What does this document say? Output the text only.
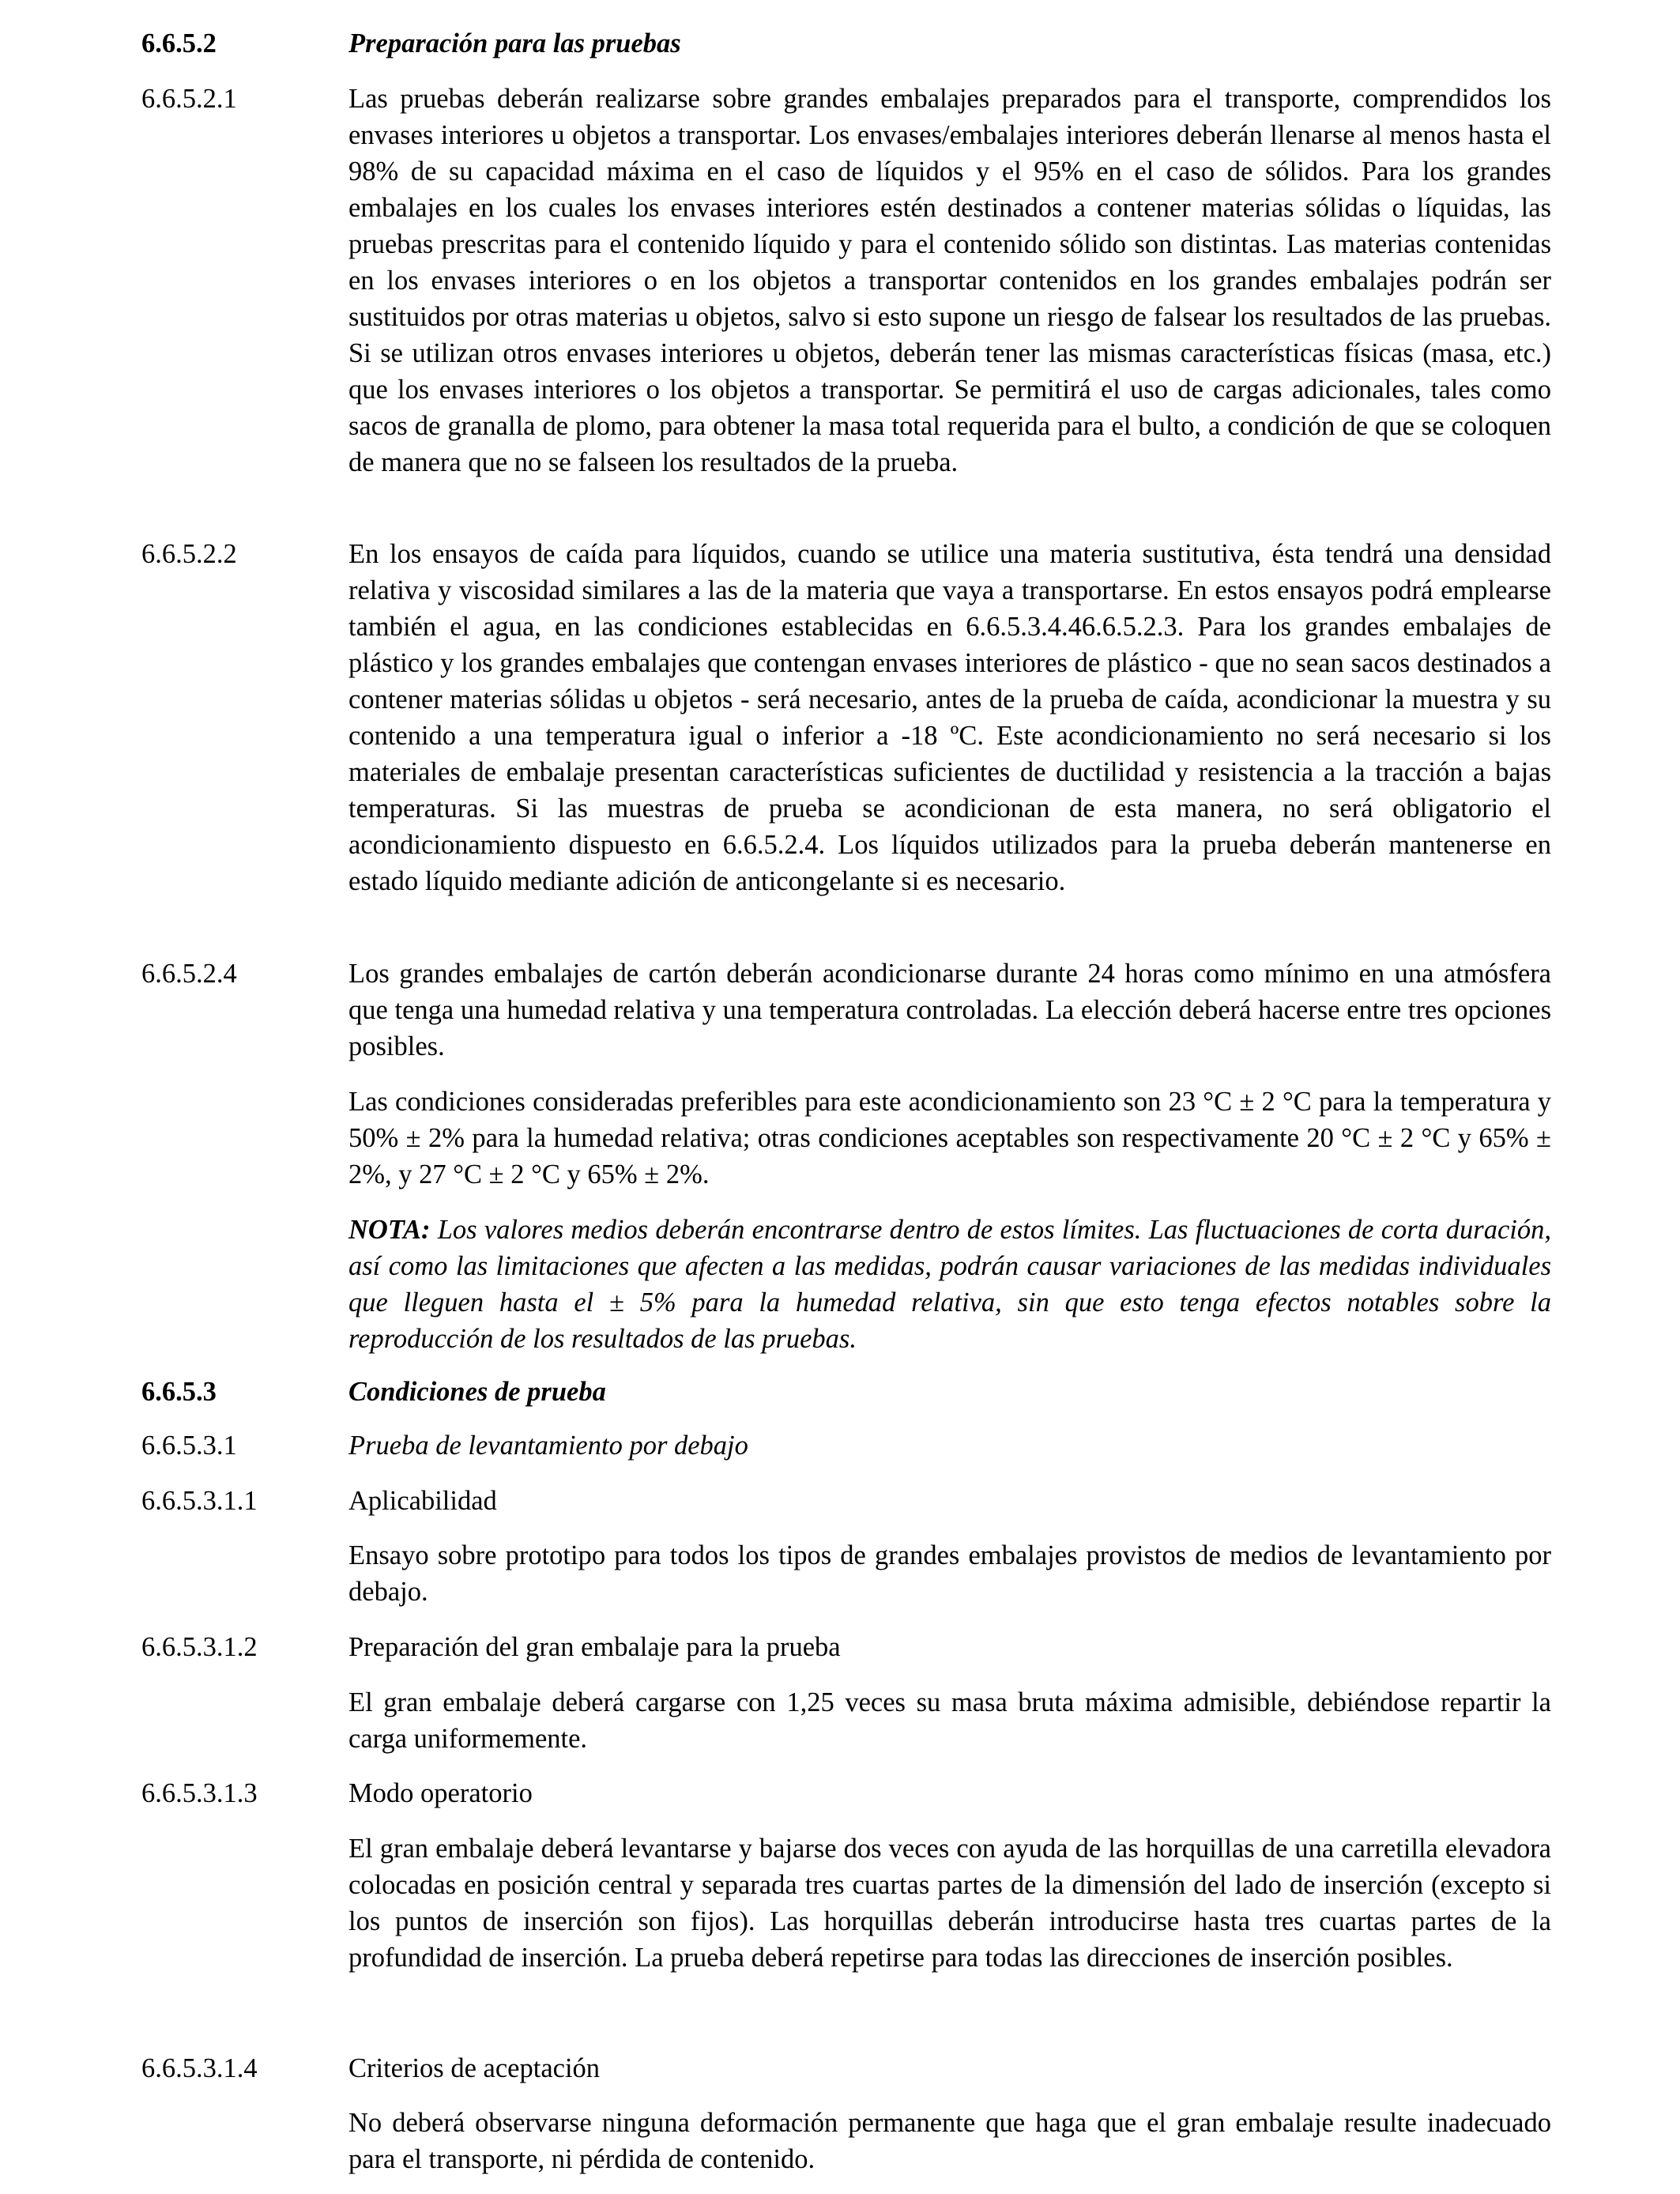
6.6.5.2	Preparación para las pruebas
6.6.5.2.1	Las pruebas deberán realizarse sobre grandes embalajes preparados para el transporte, comprendidos los envases interiores u objetos a transportar. Los envases/embalajes interiores deberán llenarse al menos hasta el 98% de su capacidad máxima en el caso de líquidos y el 95% en el caso de sólidos. Para los grandes embalajes en los cuales los envases interiores estén destinados a contener materias sólidas o líquidas, las pruebas prescritas para el contenido líquido y para el contenido sólido son distintas. Las materias contenidas en los envases interiores o en los objetos a transportar contenidos en los grandes embalajes podrán ser sustituidos por otras materias u objetos, salvo si esto supone un riesgo de falsear los resultados de las pruebas. Si se utilizan otros envases interiores u objetos, deberán tener las mismas características físicas (masa, etc.) que los envases interiores o los objetos a transportar. Se permitirá el uso de cargas adicionales, tales como sacos de granalla de plomo, para obtener la masa total requerida para el bulto, a condición de que se coloquen de manera que no se falseen los resultados de la prueba.
6.6.5.2.2	En los ensayos de caída para líquidos, cuando se utilice una materia sustitutiva, ésta tendrá una densidad relativa y viscosidad similares a las de la materia que vaya a transportarse. En estos ensayos podrá emplearse también el agua, en las condiciones establecidas en 6.6.5.3.4.46.6.5.2.3. Para los grandes embalajes de plástico y los grandes embalajes que contengan envases interiores de plástico - que no sean sacos destinados a contener materias sólidas u objetos - será necesario, antes de la prueba de caída, acondicionar la muestra y su contenido a una temperatura igual o inferior a -18 ºC. Este acondicionamiento no será necesario si los materiales de embalaje presentan características suficientes de ductilidad y resistencia a la tracción a bajas temperaturas. Si las muestras de prueba se acondicionan de esta manera, no será obligatorio el acondicionamiento dispuesto en 6.6.5.2.4. Los líquidos utilizados para la prueba deberán mantenerse en estado líquido mediante adición de anticongelante si es necesario.
6.6.5.2.4	Los grandes embalajes de cartón deberán acondicionarse durante 24 horas como mínimo en una atmósfera que tenga una humedad relativa y una temperatura controladas. La elección deberá hacerse entre tres opciones posibles.
Las condiciones consideradas preferibles para este acondicionamiento son 23 °C ± 2 °C para la temperatura y 50% ± 2% para la humedad relativa; otras condiciones aceptables son respectivamente 20 °C ± 2 °C y 65% ± 2%, y 27 °C ± 2 °C y 65% ± 2%.
NOTA: Los valores medios deberán encontrarse dentro de estos límites. Las fluctuaciones de corta duración, así como las limitaciones que afecten a las medidas, podrán causar variaciones de las medidas individuales que lleguen hasta el ± 5% para la humedad relativa, sin que esto tenga efectos notables sobre la reproducción de los resultados de las pruebas.
6.6.5.3	Condiciones de prueba
6.6.5.3.1	Prueba de levantamiento por debajo
6.6.5.3.1.1	Aplicabilidad
Ensayo sobre prototipo para todos los tipos de grandes embalajes provistos de medios de levantamiento por debajo.
6.6.5.3.1.2	Preparación del gran embalaje para la prueba
El gran embalaje deberá cargarse con 1,25 veces su masa bruta máxima admisible, debiéndose repartir la carga uniformemente.
6.6.5.3.1.3	Modo operatorio
El gran embalaje deberá levantarse y bajarse dos veces con ayuda de las horquillas de una carretilla elevadora colocadas en posición central y separada tres cuartas partes de la dimensión del lado de inserción (excepto si los puntos de inserción son fijos). Las horquillas deberán introducirse hasta tres cuartas partes de la profundidad de inserción. La prueba deberá repetirse para todas las direcciones de inserción posibles.
6.6.5.3.1.4	Criterios de aceptación
No deberá observarse ninguna deformación permanente que haga que el gran embalaje resulte inadecuado para el transporte, ni pérdida de contenido.
